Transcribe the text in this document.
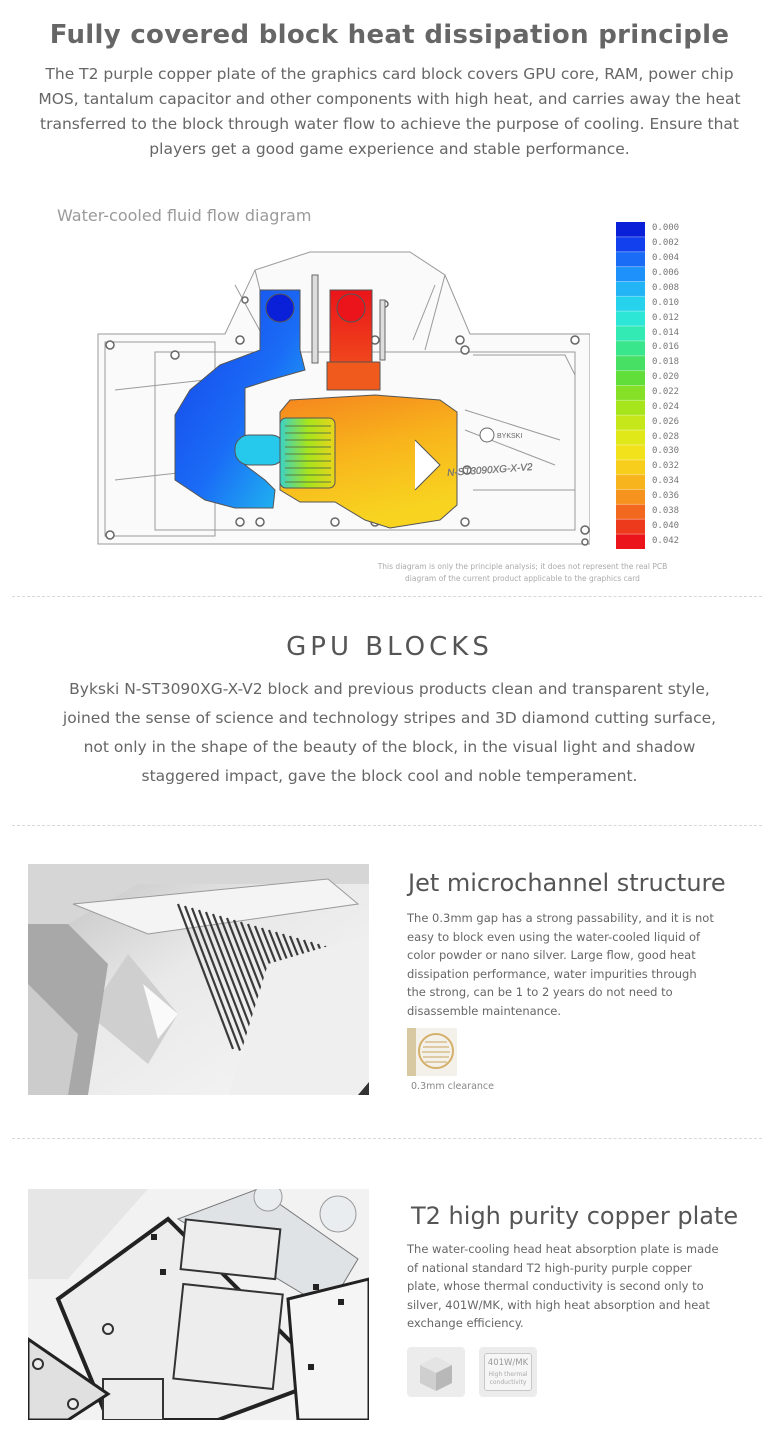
Fully covered block heat dissipation principle
The T2 purple copper plate of the graphics card block covers GPU core, RAM, power chip
MOS, tantalum capacitor and other components with high heat, and carries away the heat
transferred to the block through water flow to achieve the purpose of cooling. Ensure that
players get a good game experience and stable performance.
Water-cooled fluid flow diagram
BYKSKI
N-ST3090XG-X-V2
0.000
0.002
0.004
0.006
0.008
0.010
0.012
0.014
0.016
0.018
0.020
0.022
0.024
0.026
0.028
0.030
0.032
0.034
0.036
0.038
0.040
0.042
This diagram is only the principle analysis; it does not represent the real PCB
diagram of the current product applicable to the graphics card
GPU BLOCKS
Bykski N-ST3090XG-X-V2 block and previous products clean and transparent style,
joined the sense of science and technology stripes and 3D diamond cutting surface,
not only in the shape of the beauty of the block, in the visual light and shadow
staggered impact, gave the block cool and noble temperament.
Jet microchannel structure
The 0.3mm gap has a strong passability, and it is not
easy to block even using the water-cooled liquid of
color powder or nano silver. Large flow, good heat
dissipation performance, water impurities through
the strong, can be 1 to 2 years do not need to
disassemble maintenance.
0.3mm clearance
T2 high purity copper plate
The water-cooling head heat absorption plate is made
of national standard T2 high-purity purple copper
plate, whose thermal conductivity is second only to
silver, 401W/MK, with high heat absorption and heat
exchange efficiency.
401W/MK
High thermal
conductivity
